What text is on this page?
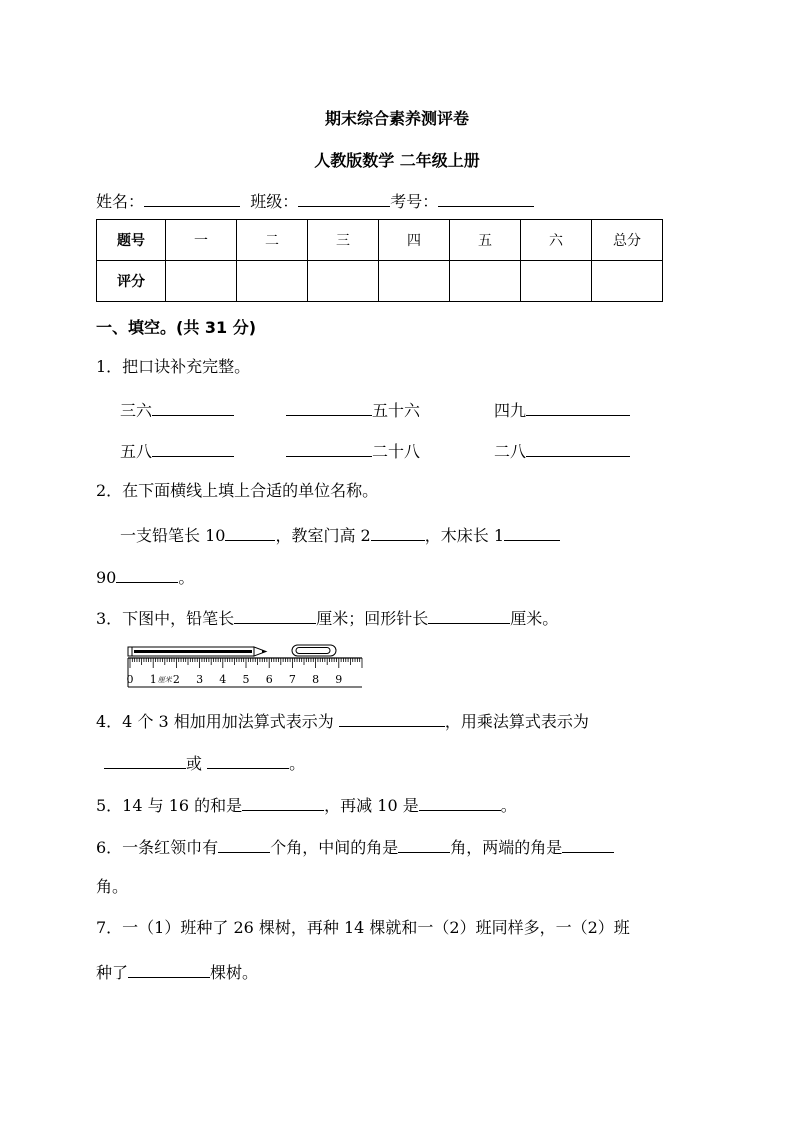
期末综合素养测评卷
人教版数学 二年级上册
姓名：	班级：	考号：
题号	一	二	三	四	五	六	总分
评分							
一、填空。(共 31 分)
1．把口诀补充完整。
三六	五十六	四九
五八	二十八	二八
2．在下面横线上填上合适的单位名称。
一支铅笔长 10	，教室门高 2	，木床长 1
90	。
3．下图中，铅笔长	厘米；回形针长	厘米。
0 1 2 3 4 5 6 7 8 9
厘米
4．4 个 3 相加用加法算式表示为	，用乘法算式表示为
或	。
5．14 与 16 的和是	，再减 10 是	。
6．一条红领巾有	个角，中间的角是	角，两端的角是
角。
7．一（1）班种了 26 棵树，再种 14 棵就和一（2）班同样多，一（2）班
种了	棵树。
